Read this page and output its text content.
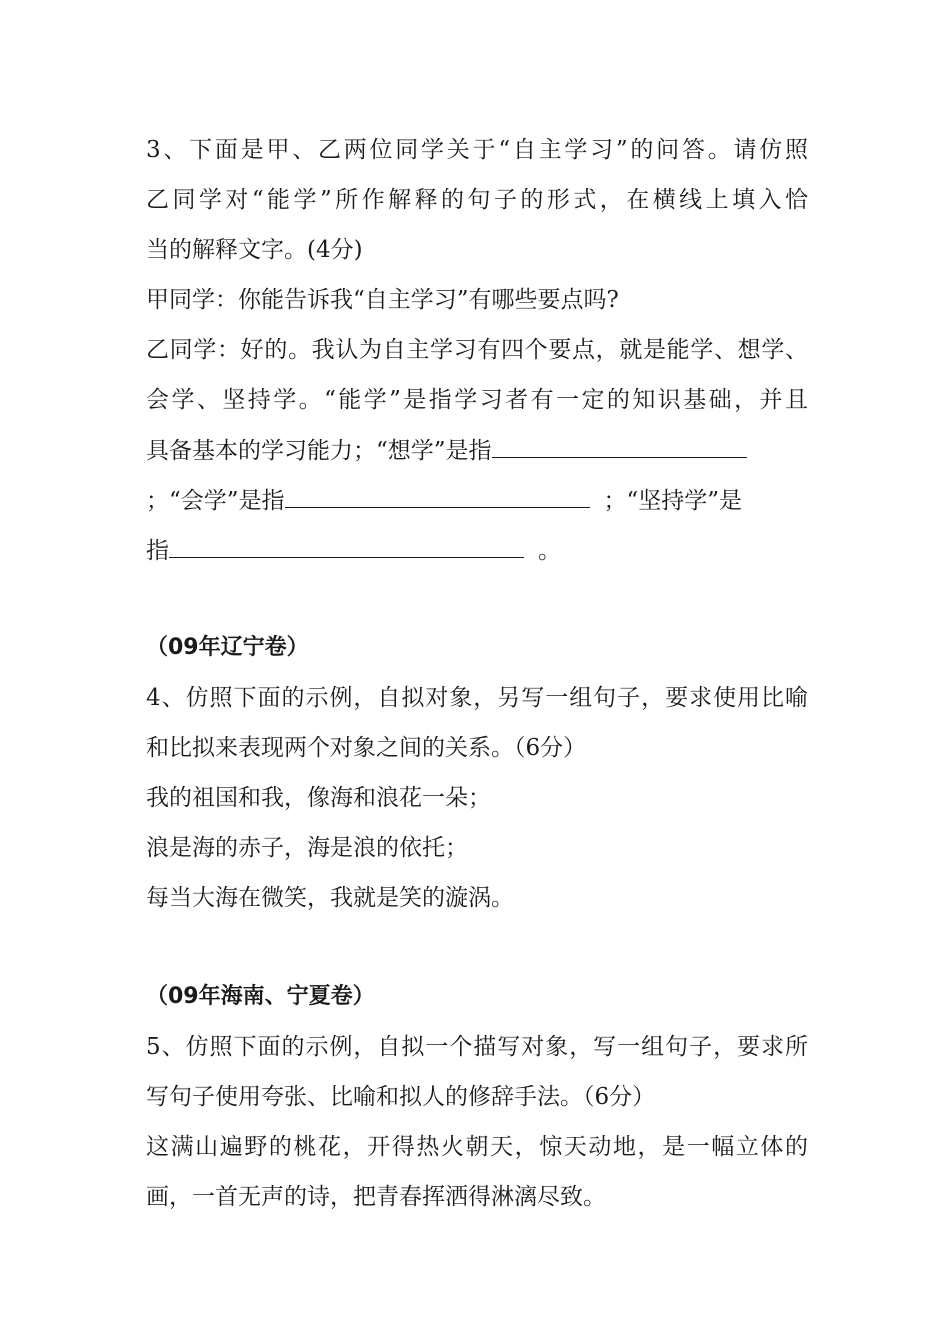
3、下面是甲、乙两位同学关于“自主学习”的问答。请仿照
乙同学对“能学”所作解释的句子的形式，在横线上填入恰
当的解释文字。(4分)
甲同学：你能告诉我“自主学习”有哪些要点吗?
乙同学：好的。我认为自主学习有四个要点，就是能学、想学、
会学、坚持学。“能学”是指学习者有一定的知识基础，并且
具备基本的学习能力；“想学”是指
；“会学”是指	；“坚持学”是
指	。
（09年辽宁卷）
4、仿照下面的示例，自拟对象，另写一组句子，要求使用比喻
和比拟来表现两个对象之间的关系。（6分）
我的祖国和我，像海和浪花一朵；
浪是海的赤子，海是浪的依托；
每当大海在微笑，我就是笑的漩涡。
（09年海南、宁夏卷）
5、仿照下面的示例，自拟一个描写对象，写一组句子，要求所
写句子使用夸张、比喻和拟人的修辞手法。（6分）
这满山遍野的桃花，开得热火朝天，惊天动地，是一幅立体的
画，一首无声的诗，把青春挥洒得淋漓尽致。
